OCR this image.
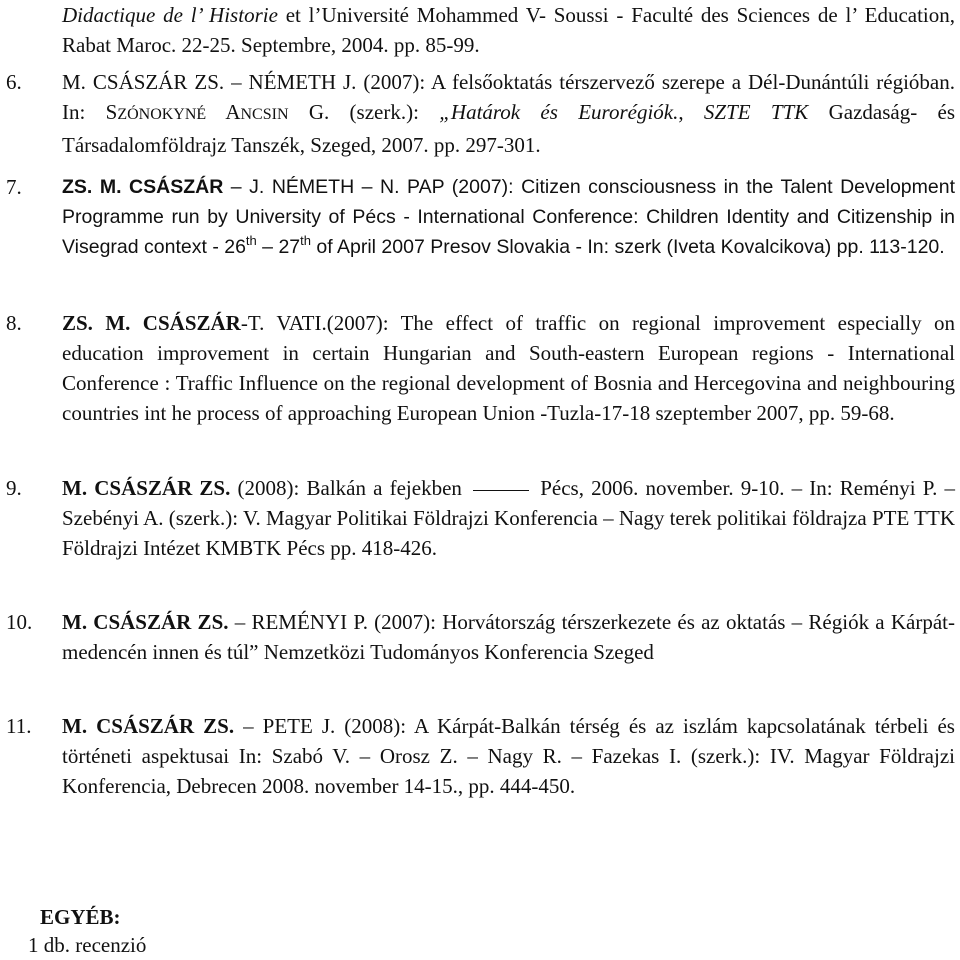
Didactique de l’ Historie et l’Université Mohammed V- Soussi - Faculté des Sciences de l’ Education, Rabat Maroc. 22-25. Septembre, 2004. pp. 85-99.

6. M. CSÁSZÁR ZS. – NÉMETH J. (2007): A felsőoktatás térszervező szerepe a Dél-Dunántúli régióban. In: SZÓNOKYNÉ ANCSIN G. (szerk.): „Határok és Eurorégiók., SZTE TTK Gazdaság- és Társadalomföldrajz Tanszék, Szeged, 2007. pp. 297-301.

7. ZS. M. CSÁSZÁR – J. NÉMETH – N. PAP (2007): Citizen consciousness in the Talent Development Programme run by University of Pécs - International Conference: Children Identity and Citizenship in Visegrad context - 26th – 27th of April 2007 Presov Slovakia - In: szerk (Iveta Kovalcikova) pp. 113-120.

8. ZS. M. CSÁSZÁR-T. VATI.(2007): The effect of traffic on regional improvement especially on education improvement in certain Hungarian and South-eastern European regions - International Conference : Traffic Influence on the regional development of Bosnia and Hercegovina and neighbouring countries int he process of approaching European Union -Tuzla-17-18 szeptember 2007, pp. 59-68.

9. M. CSÁSZÁR ZS. (2008): Balkán a fejekben	Pécs, 2006. november. 9-10. – In: Reményi P. – Szebényi A. (szerk.): V. Magyar Politikai Földrajzi Konferencia – Nagy terek politikai földrajza PTE TTK Földrajzi Intézet KMBTK Pécs pp. 418-426.

10. M. CSÁSZÁR ZS. – REMÉNYI P. (2007): Horvátország térszerkezete és az oktatás – Régiók a Kárpát-medencén innen és túl” Nemzetközi Tudományos Konferencia Szeged

11. M. CSÁSZÁR ZS. – PETE J. (2008): A Kárpát-Balkán térség és az iszlám kapcsolatának térbeli és történeti aspektusai In: Szabó V. – Orosz Z. – Nagy R. – Fazekas I. (szerk.): IV. Magyar Földrajzi Konferencia, Debrecen 2008. november 14-15., pp. 444-450.

EGYÉB:
1 db. recenzió
